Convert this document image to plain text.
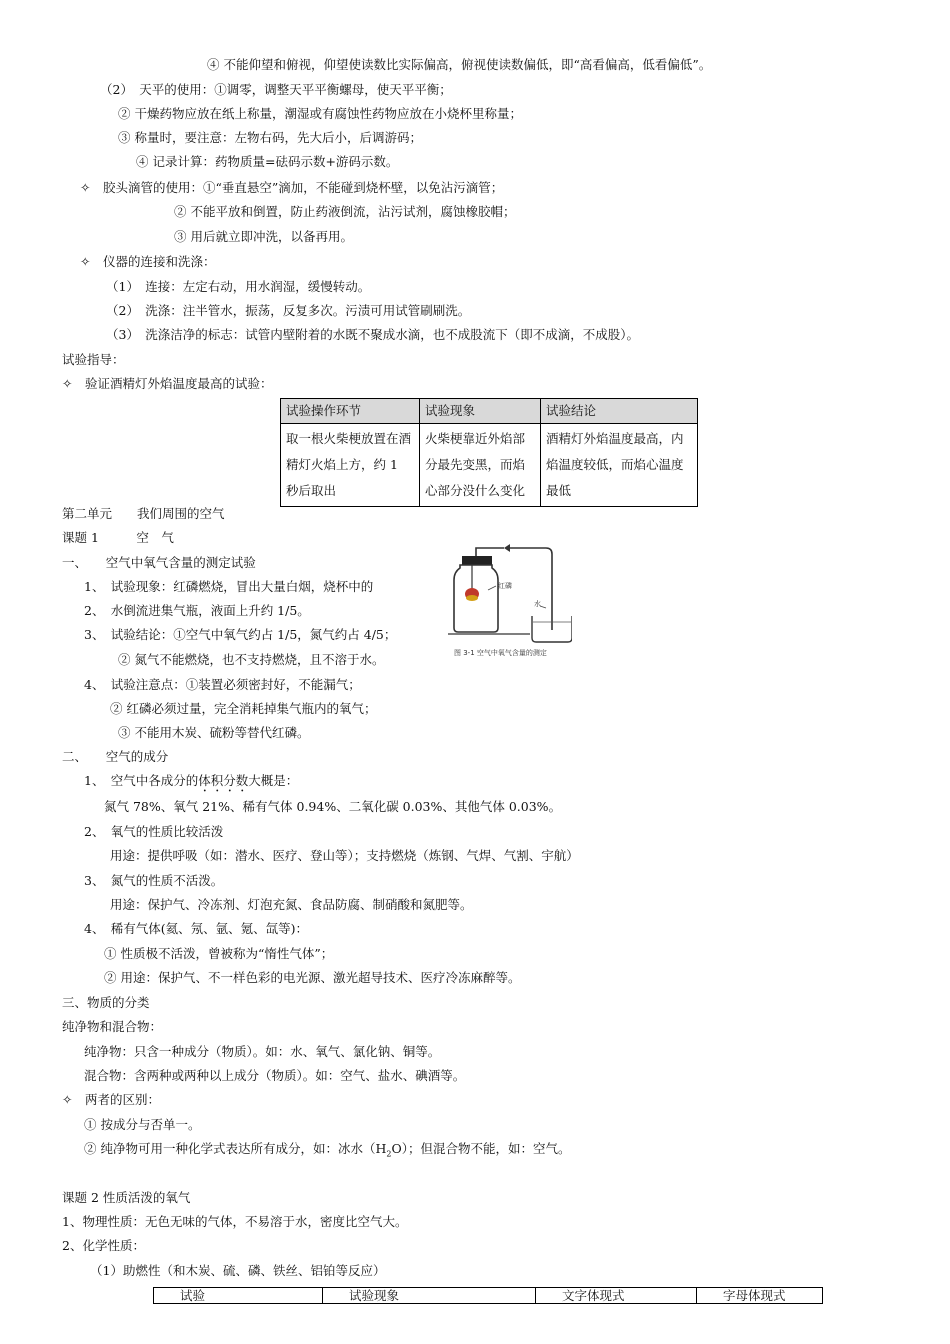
④ 不能仰望和俯视，仰望使读数比实际偏高，俯视使读数偏低，即“高看偏高，低看偏低”。
（2）　天平的使用：①调零，调整天平平衡螺母，使天平平衡；
② 干燥药物应放在纸上称量，潮湿或有腐蚀性药物应放在小烧杯里称量；
③ 称量时，要注意：左物右码，先大后小，后调游码；
④ 记录计算：药物质量=砝码示数+游码示数。
✧　 胶头滴管的使用：①“垂直悬空”滴加，不能碰到烧杯壁，以免沾污滴管；
② 不能平放和倒置，防止药液倒流，沾污试剂，腐蚀橡胶帽；
③ 用后就立即冲洗，以备再用。
✧　 仪器的连接和洗涤：
（1）　连接：左定右动，用水润湿，缓慢转动。
（2）　洗涤：注半管水，振荡，反复多次。污渍可用试管刷刷洗。
（3）　洗涤洁净的标志：试管内壁附着的水既不聚成水滴，也不成股流下（即不成滴，不成股）。
试验指导：
✧　 验证酒精灯外焰温度最高的试验：
试验操作环节	试验现象	试验结论
取一根火柴梗放置在酒精灯火焰上方，约 1 秒后取出	火柴梗靠近外焰部分最先变黑，而焰心部分没什么变化	酒精灯外焰温度最高，内焰温度较低，而焰心温度最低
第二单元　　我们周围的空气
课题 1　　　空　气
一、　　空气中氧气含量的测定试验
1、　试验现象：红磷燃烧，冒出大量白烟，烧杯中的
2、　水倒流进集气瓶，液面上升约 1/5。
3、　试验结论：①空气中氧气约占 1/5，氮气约占 4/5；
② 氮气不能燃烧，也不支持燃烧，且不溶于水。
4、　试验注意点：①装置必须密封好，不能漏气；
② 红磷必须过量，完全消耗掉集气瓶内的氧气；
③ 不能用木炭、硫粉等替代红磷。
红磷
水
图 3-1 空气中氧气含量的测定
二、　　空气的成分
1、　空气中各成分的体积分数大概是：
氮气 78%、氧气 21%、稀有气体 0.94%、二氧化碳 0.03%、其他气体 0.03%。
2、　氧气的性质比较活泼
用途：提供呼吸（如：潜水、医疗、登山等）；支持燃烧（炼钢、气焊、气割、宇航）
3、　氮气的性质不活泼。
用途：保护气、冷冻剂、灯泡充氮、食品防腐、制硝酸和氮肥等。
4、　稀有气体(氦、氖、氩、氪、氙等)：
① 性质极不活泼，曾被称为“惰性气体”；
② 用途：保护气、不一样色彩的电光源、激光超导技术、医疗冷冻麻醉等。
三、物质的分类
纯净物和混合物：
纯净物：只含一种成分（物质）。如：水、氧气、氯化钠、铜等。
混合物：含两种或两种以上成分（物质）。如：空气、盐水、碘酒等。
✧　 两者的区别：
① 按成分与否单一。
② 纯净物可用一种化学式表达所有成分，如：冰水$(H_2O)$；但混合物不能，如：空气。
课题 2 性质活泼的氧气
1、物理性质：无色无味的气体，不易溶于水，密度比空气大。
2、化学性质：
（1）助燃性（和木炭、硫、磷、铁丝、铝铂等反应）
试验	试验现象	文字体现式	字母体现式
